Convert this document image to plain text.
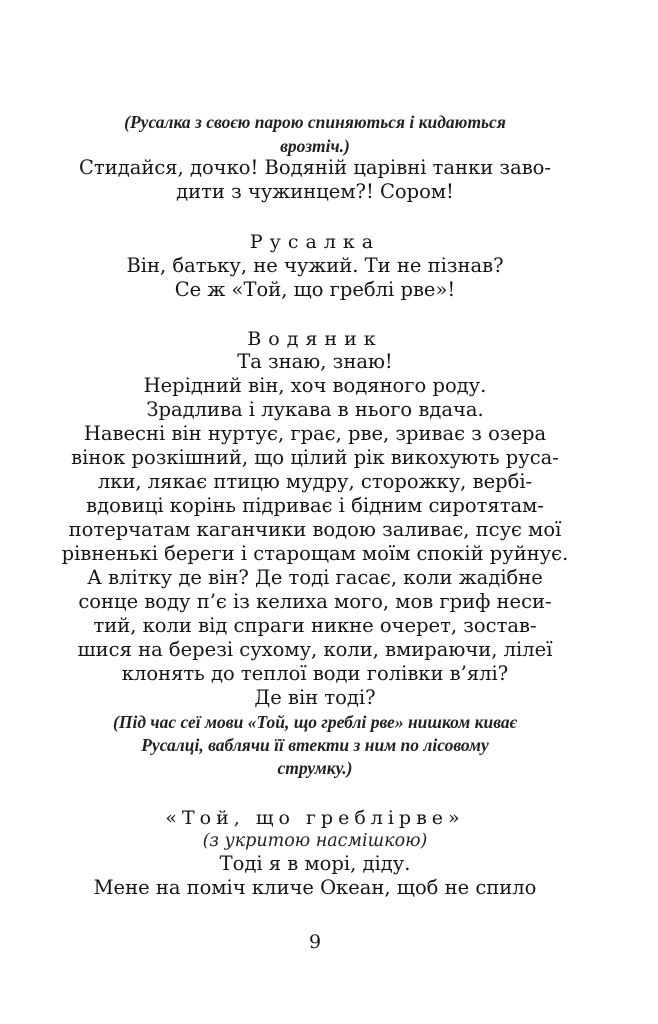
(Русалка з своєю парою спиняються і кидаються
врозтіч.)
Стидайся, дочко! Водяній царівні танки заво-
дити з чужинцем?! Сором!
Русалка
Він, батьку, не чужий. Ти не пізнав?
Се ж «Той, що греблі рве»!
Водяник
Та знаю, знаю!
Нерідний він, хоч водяного роду.
Зрадлива і лукава в нього вдача.
Навесні він нуртує, грає, рве, зриває з озера
вінок розкішний, що цілий рік викохують руса-
лки, лякає птицю мудру, сторожку, вербі-
вдовиці корінь підриває і бідним сиротятам-
потерчатам каганчики водою заливає, псує мої
рівненькі береги і старощам моїм спокій руйнує.
А влітку де він? Де тоді гасає, коли жадібне
сонце воду п’є із келиха мого, мов гриф неси-
тий, коли від спраги никне очерет, зостав-
шися на березі сухому, коли, вмираючи, лілеї
клонять до теплої води голівки в’ялі?
Де він тоді?
(Під час сеї мови «Той, що греблі рве» нишком киває
Русалці, ваблячи її втекти з ним по лісовому
струмку.)
«Той, що греблірве»
(з укритою насмішкою)
Тоді я в морі, діду.
Мене на поміч кличе Океан, щоб не спило
9
